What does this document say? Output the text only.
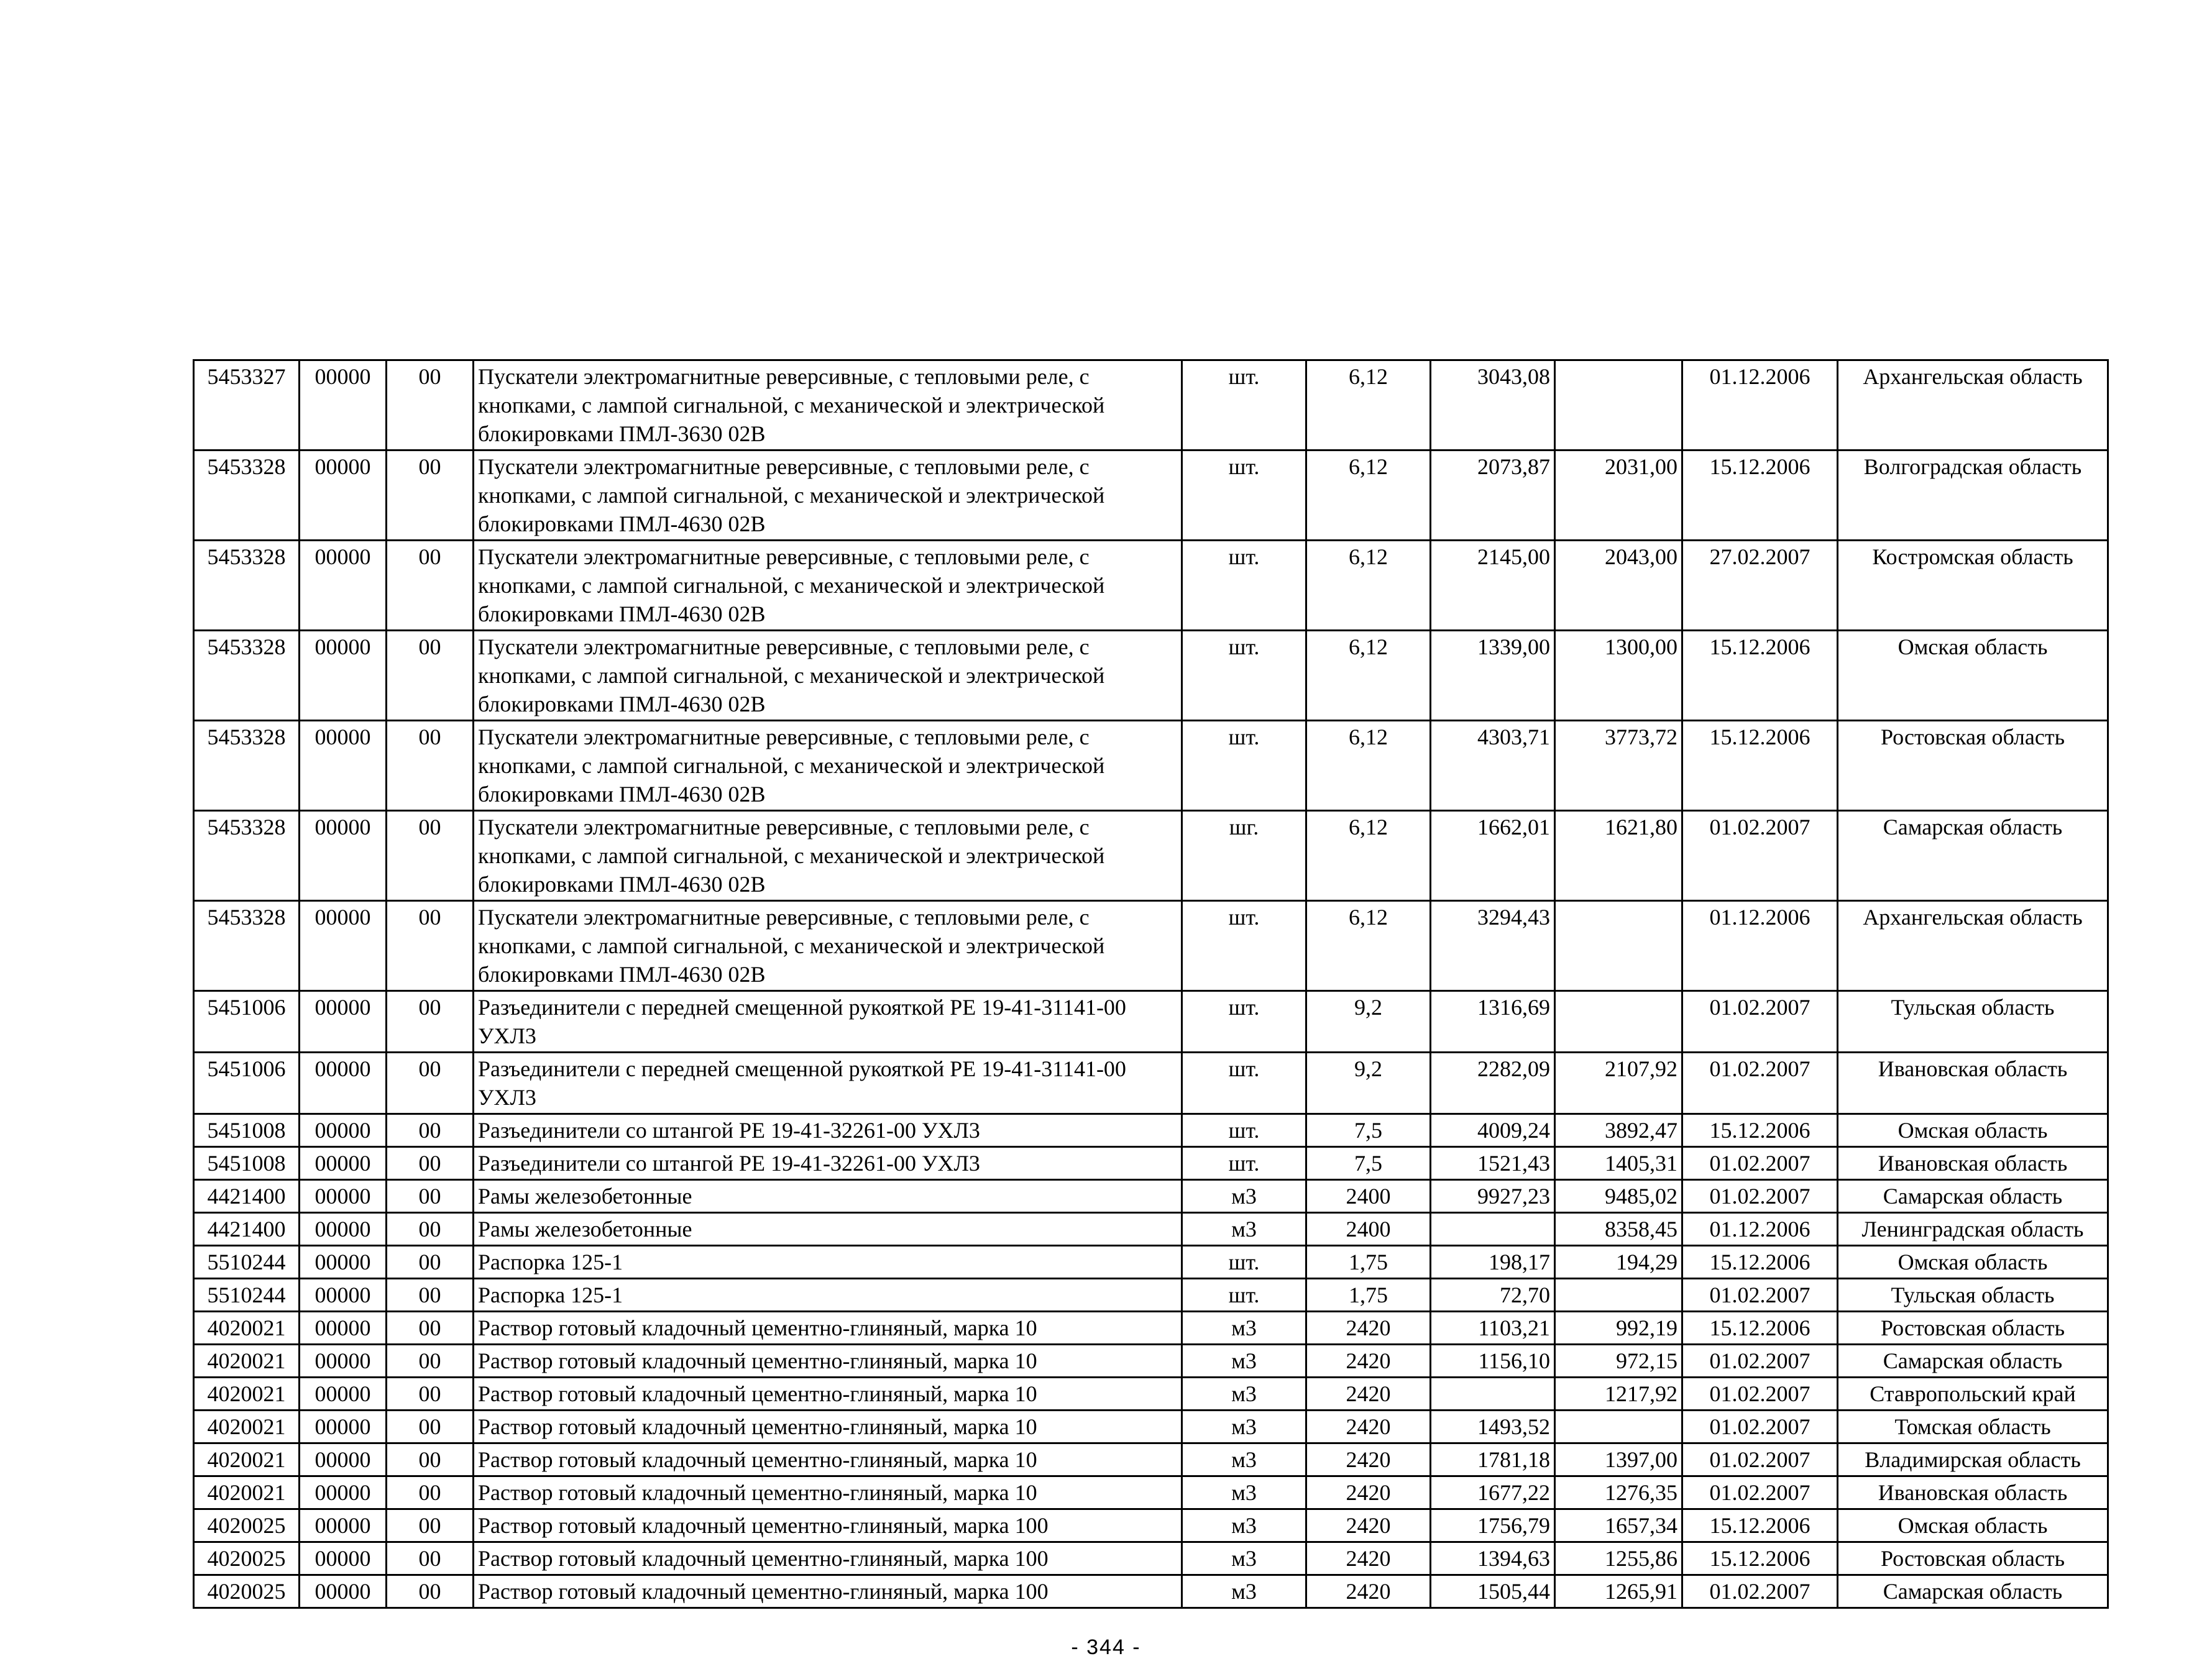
5453327	00000	00	Пускатели электромагнитные реверсивные, с тепловыми реле, с кнопками, с лампой сигнальной, с механической и электрической блокировками ПМЛ-3630 02В	шт.	6,12	3043,08		01.12.2006	Архангельская область
5453328	00000	00	Пускатели электромагнитные реверсивные, с тепловыми реле, с кнопками, с лампой сигнальной, с механической и электрической блокировками ПМЛ-4630 02В	шт.	6,12	2073,87	2031,00	15.12.2006	Волгоградская область
5453328	00000	00	Пускатели электромагнитные реверсивные, с тепловыми реле, с кнопками, с лампой сигнальной, с механической и электрической блокировками ПМЛ-4630 02В	шт.	6,12	2145,00	2043,00	27.02.2007	Костромская область
5453328	00000	00	Пускатели электромагнитные реверсивные, с тепловыми реле, с кнопками, с лампой сигнальной, с механической и электрической блокировками ПМЛ-4630 02В	шт.	6,12	1339,00	1300,00	15.12.2006	Омская область
5453328	00000	00	Пускатели электромагнитные реверсивные, с тепловыми реле, с кнопками, с лампой сигнальной, с механической и электрической блокировками ПМЛ-4630 02В	шт.	6,12	4303,71	3773,72	15.12.2006	Ростовская область
5453328	00000	00	Пускатели электромагнитные реверсивные, с тепловыми реле, с кнопками, с лампой сигнальной, с механической и электрической блокировками ПМЛ-4630 02В	шг.	6,12	1662,01	1621,80	01.02.2007	Самарская область
5453328	00000	00	Пускатели электромагнитные реверсивные, с тепловыми реле, с кнопками, с лампой сигнальной, с механической и электрической блокировками ПМЛ-4630 02В	шт.	6,12	3294,43		01.12.2006	Архангельская область
5451006	00000	00	Разъединители с передней смещенной рукояткой РЕ 19-41-31141-00 УХЛ3	шт.	9,2	1316,69		01.02.2007	Тульская область
5451006	00000	00	Разъединители с передней смещенной рукояткой РЕ 19-41-31141-00 УХЛ3	шт.	9,2	2282,09	2107,92	01.02.2007	Ивановская область
5451008	00000	00	Разъединители со штангой РЕ 19-41-32261-00 УХЛ3	шт.	7,5	4009,24	3892,47	15.12.2006	Омская область
5451008	00000	00	Разъединители со штангой РЕ 19-41-32261-00 УХЛ3	шт.	7,5	1521,43	1405,31	01.02.2007	Ивановская область
4421400	00000	00	Рамы железобетонные	м3	2400	9927,23	9485,02	01.02.2007	Самарская область
4421400	00000	00	Рамы железобетонные	м3	2400		8358,45	01.12.2006	Ленинградская область
5510244	00000	00	Распорка 125-1	шт.	1,75	198,17	194,29	15.12.2006	Омская область
5510244	00000	00	Распорка 125-1	шт.	1,75	72,70		01.02.2007	Тульская область
4020021	00000	00	Раствор готовый кладочный цементно-глиняный, марка 10	м3	2420	1103,21	992,19	15.12.2006	Ростовская область
4020021	00000	00	Раствор готовый кладочный цементно-глиняный, марка 10	м3	2420	1156,10	972,15	01.02.2007	Самарская область
4020021	00000	00	Раствор готовый кладочный цементно-глиняный, марка 10	м3	2420		1217,92	01.02.2007	Ставропольский край
4020021	00000	00	Раствор готовый кладочный цементно-глиняный, марка 10	м3	2420	1493,52		01.02.2007	Томская область
4020021	00000	00	Раствор готовый кладочный цементно-глиняный, марка 10	м3	2420	1781,18	1397,00	01.02.2007	Владимирская область
4020021	00000	00	Раствор готовый кладочный цементно-глиняный, марка 10	м3	2420	1677,22	1276,35	01.02.2007	Ивановская область
4020025	00000	00	Раствор готовый кладочный цементно-глиняный, марка 100	м3	2420	1756,79	1657,34	15.12.2006	Омская область
4020025	00000	00	Раствор готовый кладочный цементно-глиняный, марка 100	м3	2420	1394,63	1255,86	15.12.2006	Ростовская область
4020025	00000	00	Раствор готовый кладочный цементно-глиняный, марка 100	м3	2420	1505,44	1265,91	01.02.2007	Самарская область
- 344 -
